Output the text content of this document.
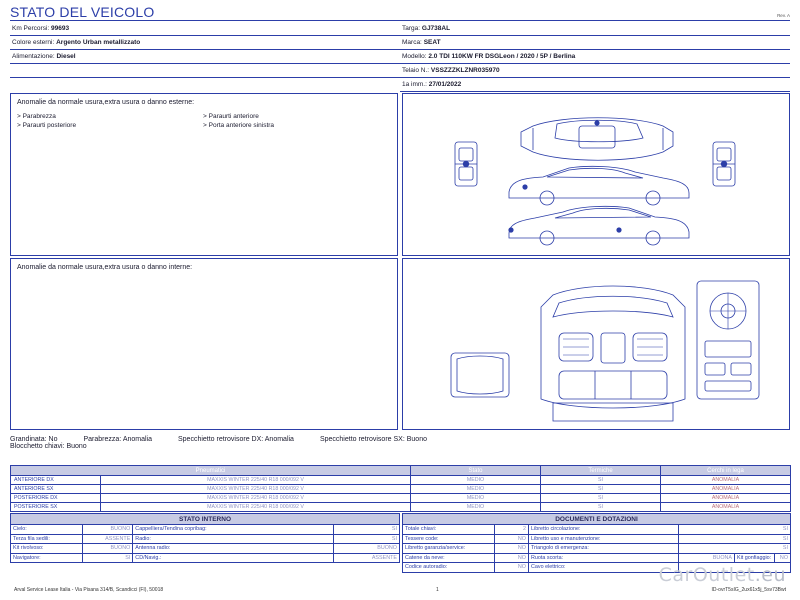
STATO DEL VEICOLO	Rev. A
Km Percorsi: 99693
Colore esterni: Argento Urban metallizzato
Alimentazione: Diesel
Targa: GJ738AL
Marca: SEAT
Modello: 2.0 TDI 110KW FR DSGLeon / 2020 / 5P / Berlina
Telaio N.: VSSZZZKLZNR035970
1a imm.: 27/01/2022
Anomalie da normale usura,extra usura o danno esterne:
> Parabrezza
> Paraurti posteriore
> Paraurti anteriore
> Porta anteriore sinistra
Anomalie da normale usura,extra usura o danno interne:
Grandinata: No	Parabrezza: Anomalia	Specchietto retrovisore DX: Anomalia	Specchietto retrovisore SX: Buono
Blocchetto chiavi: Buono
Pneumatici		Stato	Termiche	Cerchi in lega
ANTERIORE DX	MAXXIS WINTER 225/40 R18 000/092 V	MEDIO	SI	ANOMALIA
ANTERIORE SX	MAXXIS WINTER 225/40 R18 000/092 V	MEDIO	SI	ANOMALIA
POSTERIORE DX	MAXXIS WINTER 225/40 R18 000/092 V	MEDIO	SI	ANOMALIA
POSTERIORE SX	MAXXIS WINTER 225/40 R18 000/092 V	MEDIO	SI	ANOMALIA
STATO INTERNO			
Cielo:	BUONO	Cappelliera/Tendina copribag:	SI
Terza fila sedili:	ASSENTE	Radio:	SI
Kit rivolvoso:	BUONO	Antenna radio:	BUONO
Navigatore:	SI	CD/Navig.:	ASSENTE
DOCUMENTI E DOTAZIONI					
Totale chiavi:	2	Libretto circolazione:	SI		
Tessere code:	NO	Libretto uso e manutenzione:	SI		
Libretto garanzia/service:	NO	Triangolo di emergenza:	SI		
Catene da neve:	NO	Ruota scorta:	BUONA	Kit gonfiaggio:	NO
Codice autoradio:	NO	Cavo elettrico:				CarOutlet.eu
Arval Service Lease Italia - Via Pisana 314/B, Scandicci (FI), 50018	1	ID-ovrT5sIG_2ux61x5j_5sv73Bwt
